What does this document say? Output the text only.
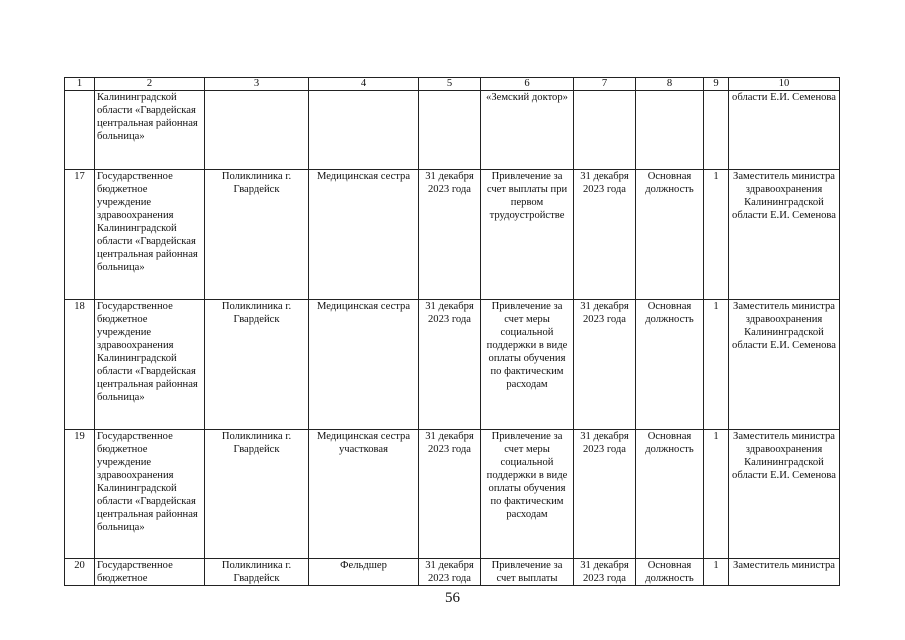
1	2	3	4	5	6	7	8	9	10
	Калининградской области «Гвардейская центральная районная больница»				«Земский доктор»				области Е.И. Семенова
17	Государственное бюджетное учреждение здравоохранения Калининградской области «Гвардейская центральная районная больница»	Поликлиника г. Гвардейск	Медицинская сестра	31 декабря 2023 года	Привлечение за счет выплаты при первом трудоустройстве	31 декабря 2023 года	Основная должность	1	Заместитель министра здравоохранения Калининградской области Е.И. Семенова
18	Государственное бюджетное учреждение здравоохранения Калининградской области «Гвардейская центральная районная больница»	Поликлиника г. Гвардейск	Медицинская сестра	31 декабря 2023 года	Привлечение за счет меры социальной поддержки в виде оплаты обучения по фактическим расходам	31 декабря 2023 года	Основная должность	1	Заместитель министра здравоохранения Калининградской области Е.И. Семенова
19	Государственное бюджетное учреждение здравоохранения Калининградской области «Гвардейская центральная районная больница»	Поликлиника г. Гвардейск	Медицинская сестра участковая	31 декабря 2023 года	Привлечение за счет меры социальной поддержки в виде оплаты обучения по фактическим расходам	31 декабря 2023 года	Основная должность	1	Заместитель министра здравоохранения Калининградской области Е.И. Семенова
20	Государственное бюджетное	Поликлиника г. Гвардейск	Фельдшер	31 декабря 2023 года	Привлечение за счет выплаты	31 декабря 2023 года	Основная должность	1	Заместитель министра
56
